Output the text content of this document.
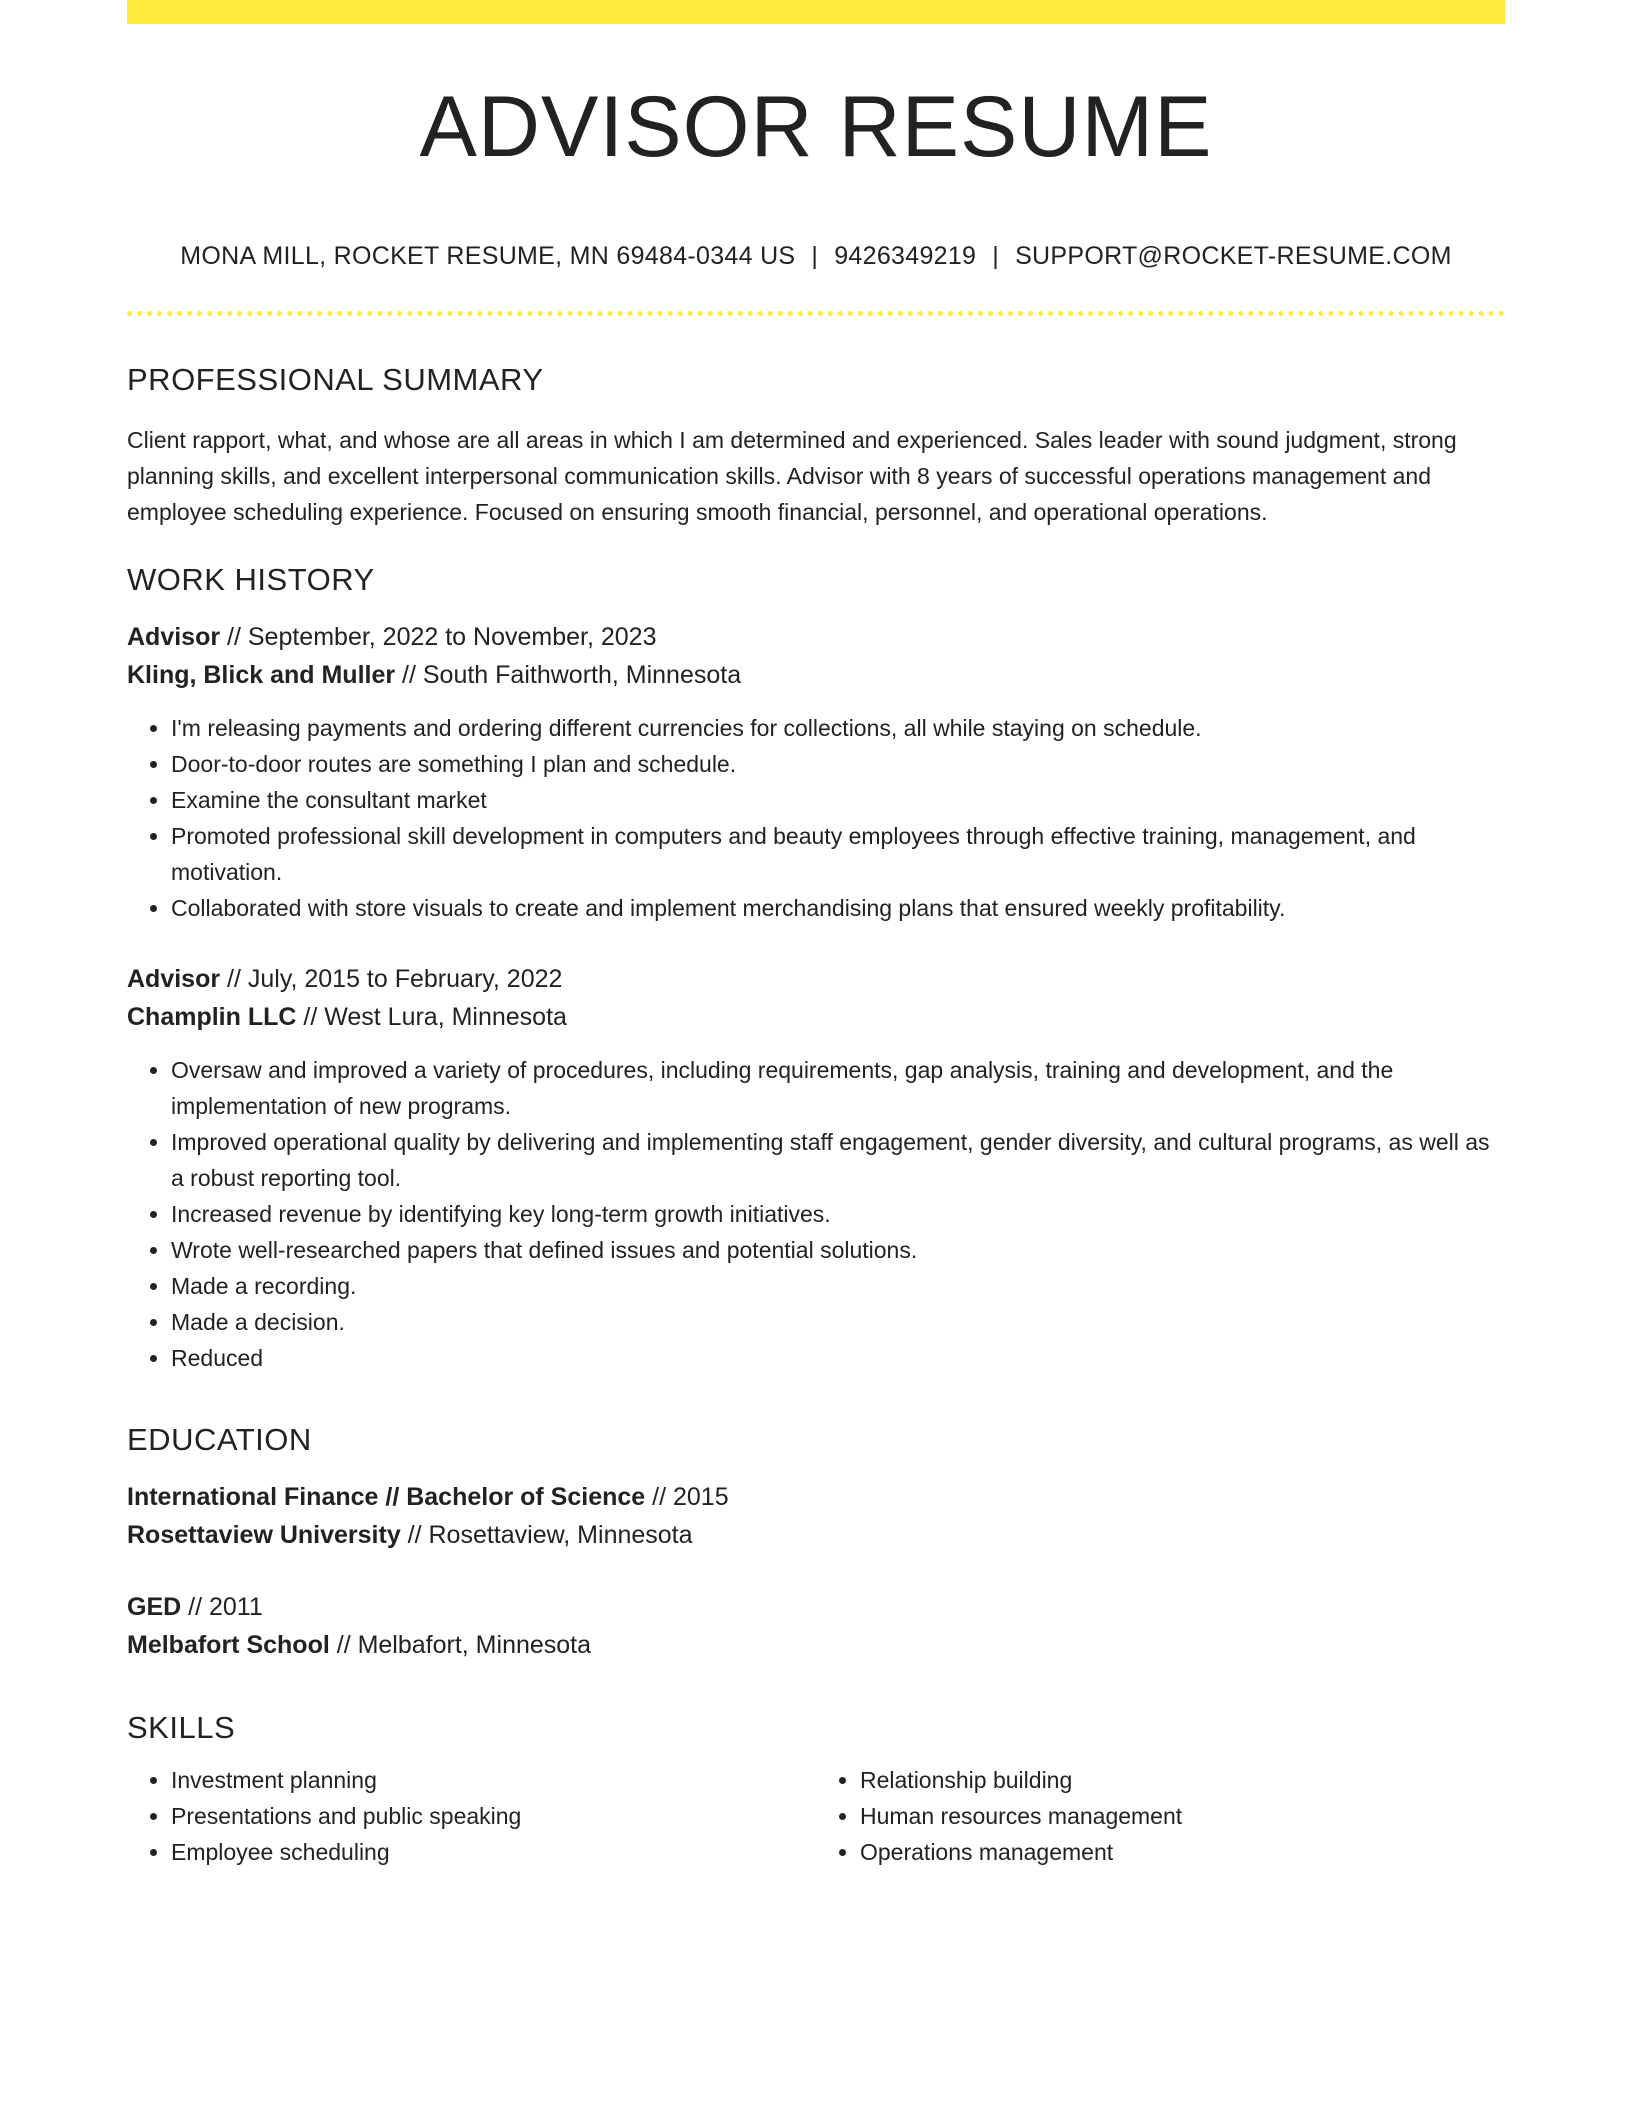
ADVISOR RESUME
MONA MILL, ROCKET RESUME, MN 69484-0344 US | 9426349219 | SUPPORT@ROCKET-RESUME.COM
PROFESSIONAL SUMMARY
Client rapport, what, and whose are all areas in which I am determined and experienced. Sales leader with sound judgment, strong planning skills, and excellent interpersonal communication skills. Advisor with 8 years of successful operations management and employee scheduling experience. Focused on ensuring smooth financial, personnel, and operational operations.
WORK HISTORY
Advisor // September, 2022 to November, 2023
Kling, Blick and Muller // South Faithworth, Minnesota
• I'm releasing payments and ordering different currencies for collections, all while staying on schedule.
• Door-to-door routes are something I plan and schedule.
• Examine the consultant market
• Promoted professional skill development in computers and beauty employees through effective training, management, and motivation.
• Collaborated with store visuals to create and implement merchandising plans that ensured weekly profitability.
Advisor // July, 2015 to February, 2022
Champlin LLC // West Lura, Minnesota
• Oversaw and improved a variety of procedures, including requirements, gap analysis, training and development, and the implementation of new programs.
• Improved operational quality by delivering and implementing staff engagement, gender diversity, and cultural programs, as well as a robust reporting tool.
• Increased revenue by identifying key long-term growth initiatives.
• Wrote well-researched papers that defined issues and potential solutions.
• Made a recording.
• Made a decision.
• Reduced
EDUCATION
International Finance // Bachelor of Science // 2015
Rosettaview University // Rosettaview, Minnesota
GED // 2011
Melbafort School // Melbafort, Minnesota
SKILLS
• Investment planning
• Presentations and public speaking
• Employee scheduling
• Relationship building
• Human resources management
• Operations management
